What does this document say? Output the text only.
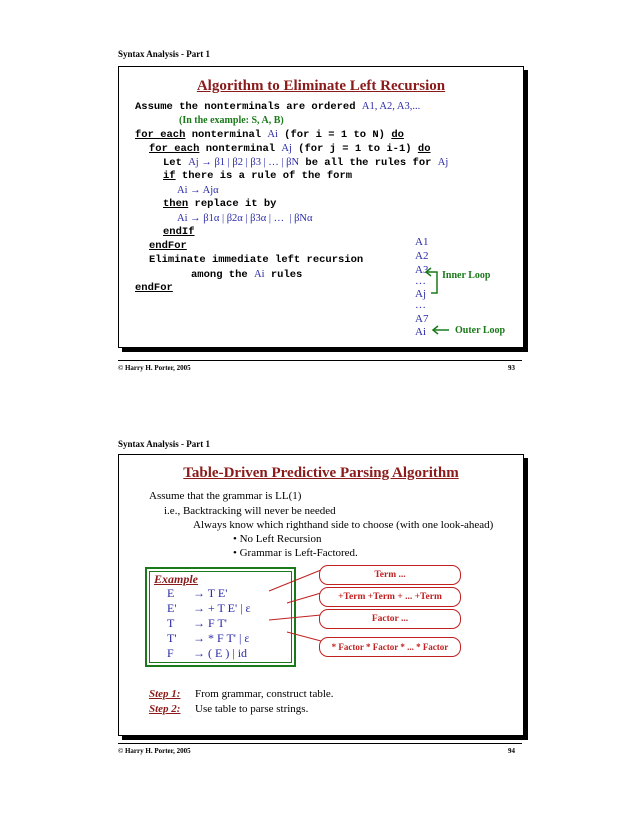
Syntax Analysis - Part 1
Algorithm to Eliminate Left Recursion
Assume the nonterminals are ordered A1, A2, A3,...
(In the example: S, A, B)
for each nonterminal Ai (for i = 1 to N) do
for each nonterminal Aj (for j = 1 to i-1) do
Let Aj → β1 | β2 | β3 | … | βN be all the rules for Aj
if there is a rule of the form
Ai → Ajα
then replace it by
Ai → β1α | β2α | β3α | …  | βNα
endIf
endFor
Eliminate immediate left recursion
among the Ai rules
endFor
A1
A2
A3
…
Aj
…
A7
Ai
Inner Loop
Outer Loop
© Harry H. Porter, 2005	93
Syntax Analysis - Part 1
Table-Driven Predictive Parsing Algorithm
Assume that the grammar is LL(1)
i.e., Backtracking will never be needed
Always know which righthand side to choose (with one look-ahead)
• No Left Recursion
• Grammar is Left-Factored.
Example
E → T E'
E' → + T E' | ε
T → F T'
T' → * F T' | ε
F → ( E ) | id
Term ...
+Term +Term + ... +Term
Factor ...
* Factor * Factor * ... * Factor
Step 1: From grammar, construct table.
Step 2: Use table to parse strings.
© Harry H. Porter, 2005	94
